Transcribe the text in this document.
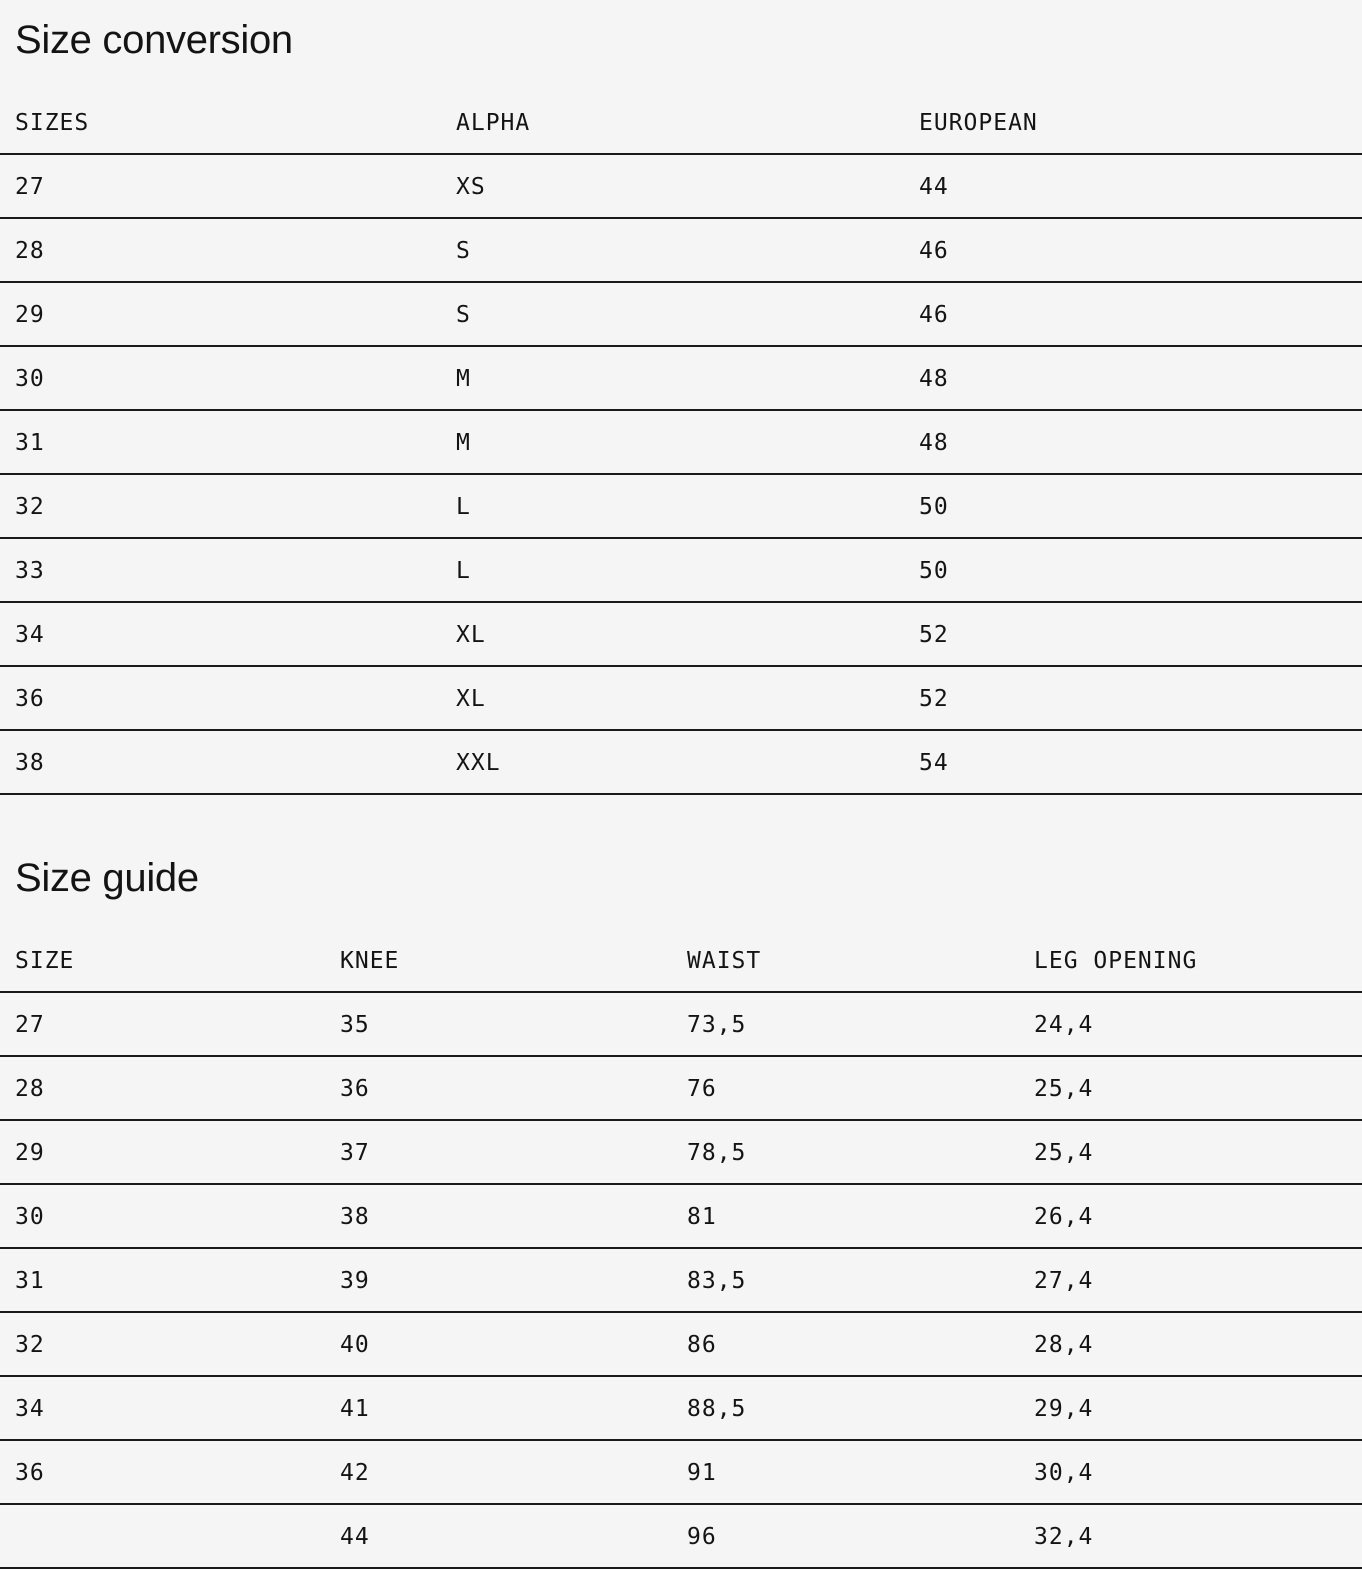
Size conversion
SIZES	ALPHA	EUROPEAN
27	XS	44
28	S	46
29	S	46
30	M	48
31	M	48
32	L	50
33	L	50
34	XL	52
36	XL	52
38	XXL	54
Size guide
SIZE	KNEE	WAIST	LEG OPENING
27	35	73,5	24,4
28	36	76	25,4
29	37	78,5	25,4
30	38	81	26,4
31	39	83,5	27,4
32	40	86	28,4
34	41	88,5	29,4
36	42	91	30,4
	44	96	32,4
